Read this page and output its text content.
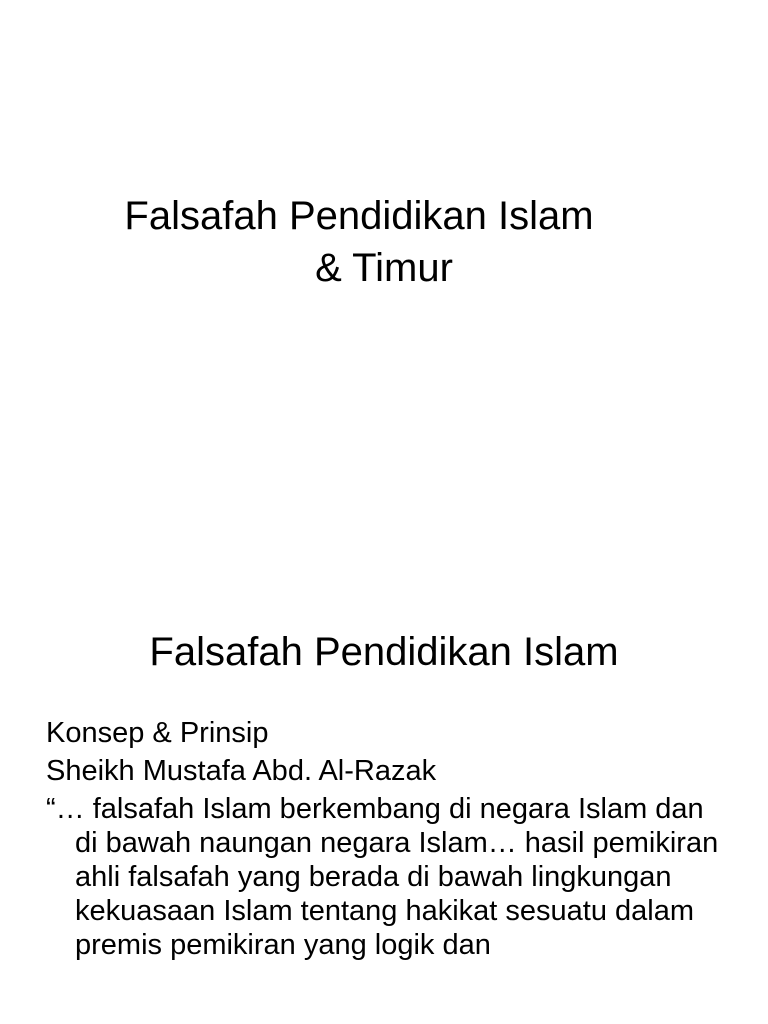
Falsafah Pendidikan Islam
& Timur
Falsafah Pendidikan Islam
Konsep & Prinsip
Sheikh Mustafa Abd. Al-Razak
“… falsafah Islam berkembang di negara Islam dan di bawah naungan negara Islam… hasil pemikiran ahli falsafah yang berada di bawah lingkungan kekuasaan Islam tentang hakikat sesuatu dalam premis pemikiran yang logik dan
